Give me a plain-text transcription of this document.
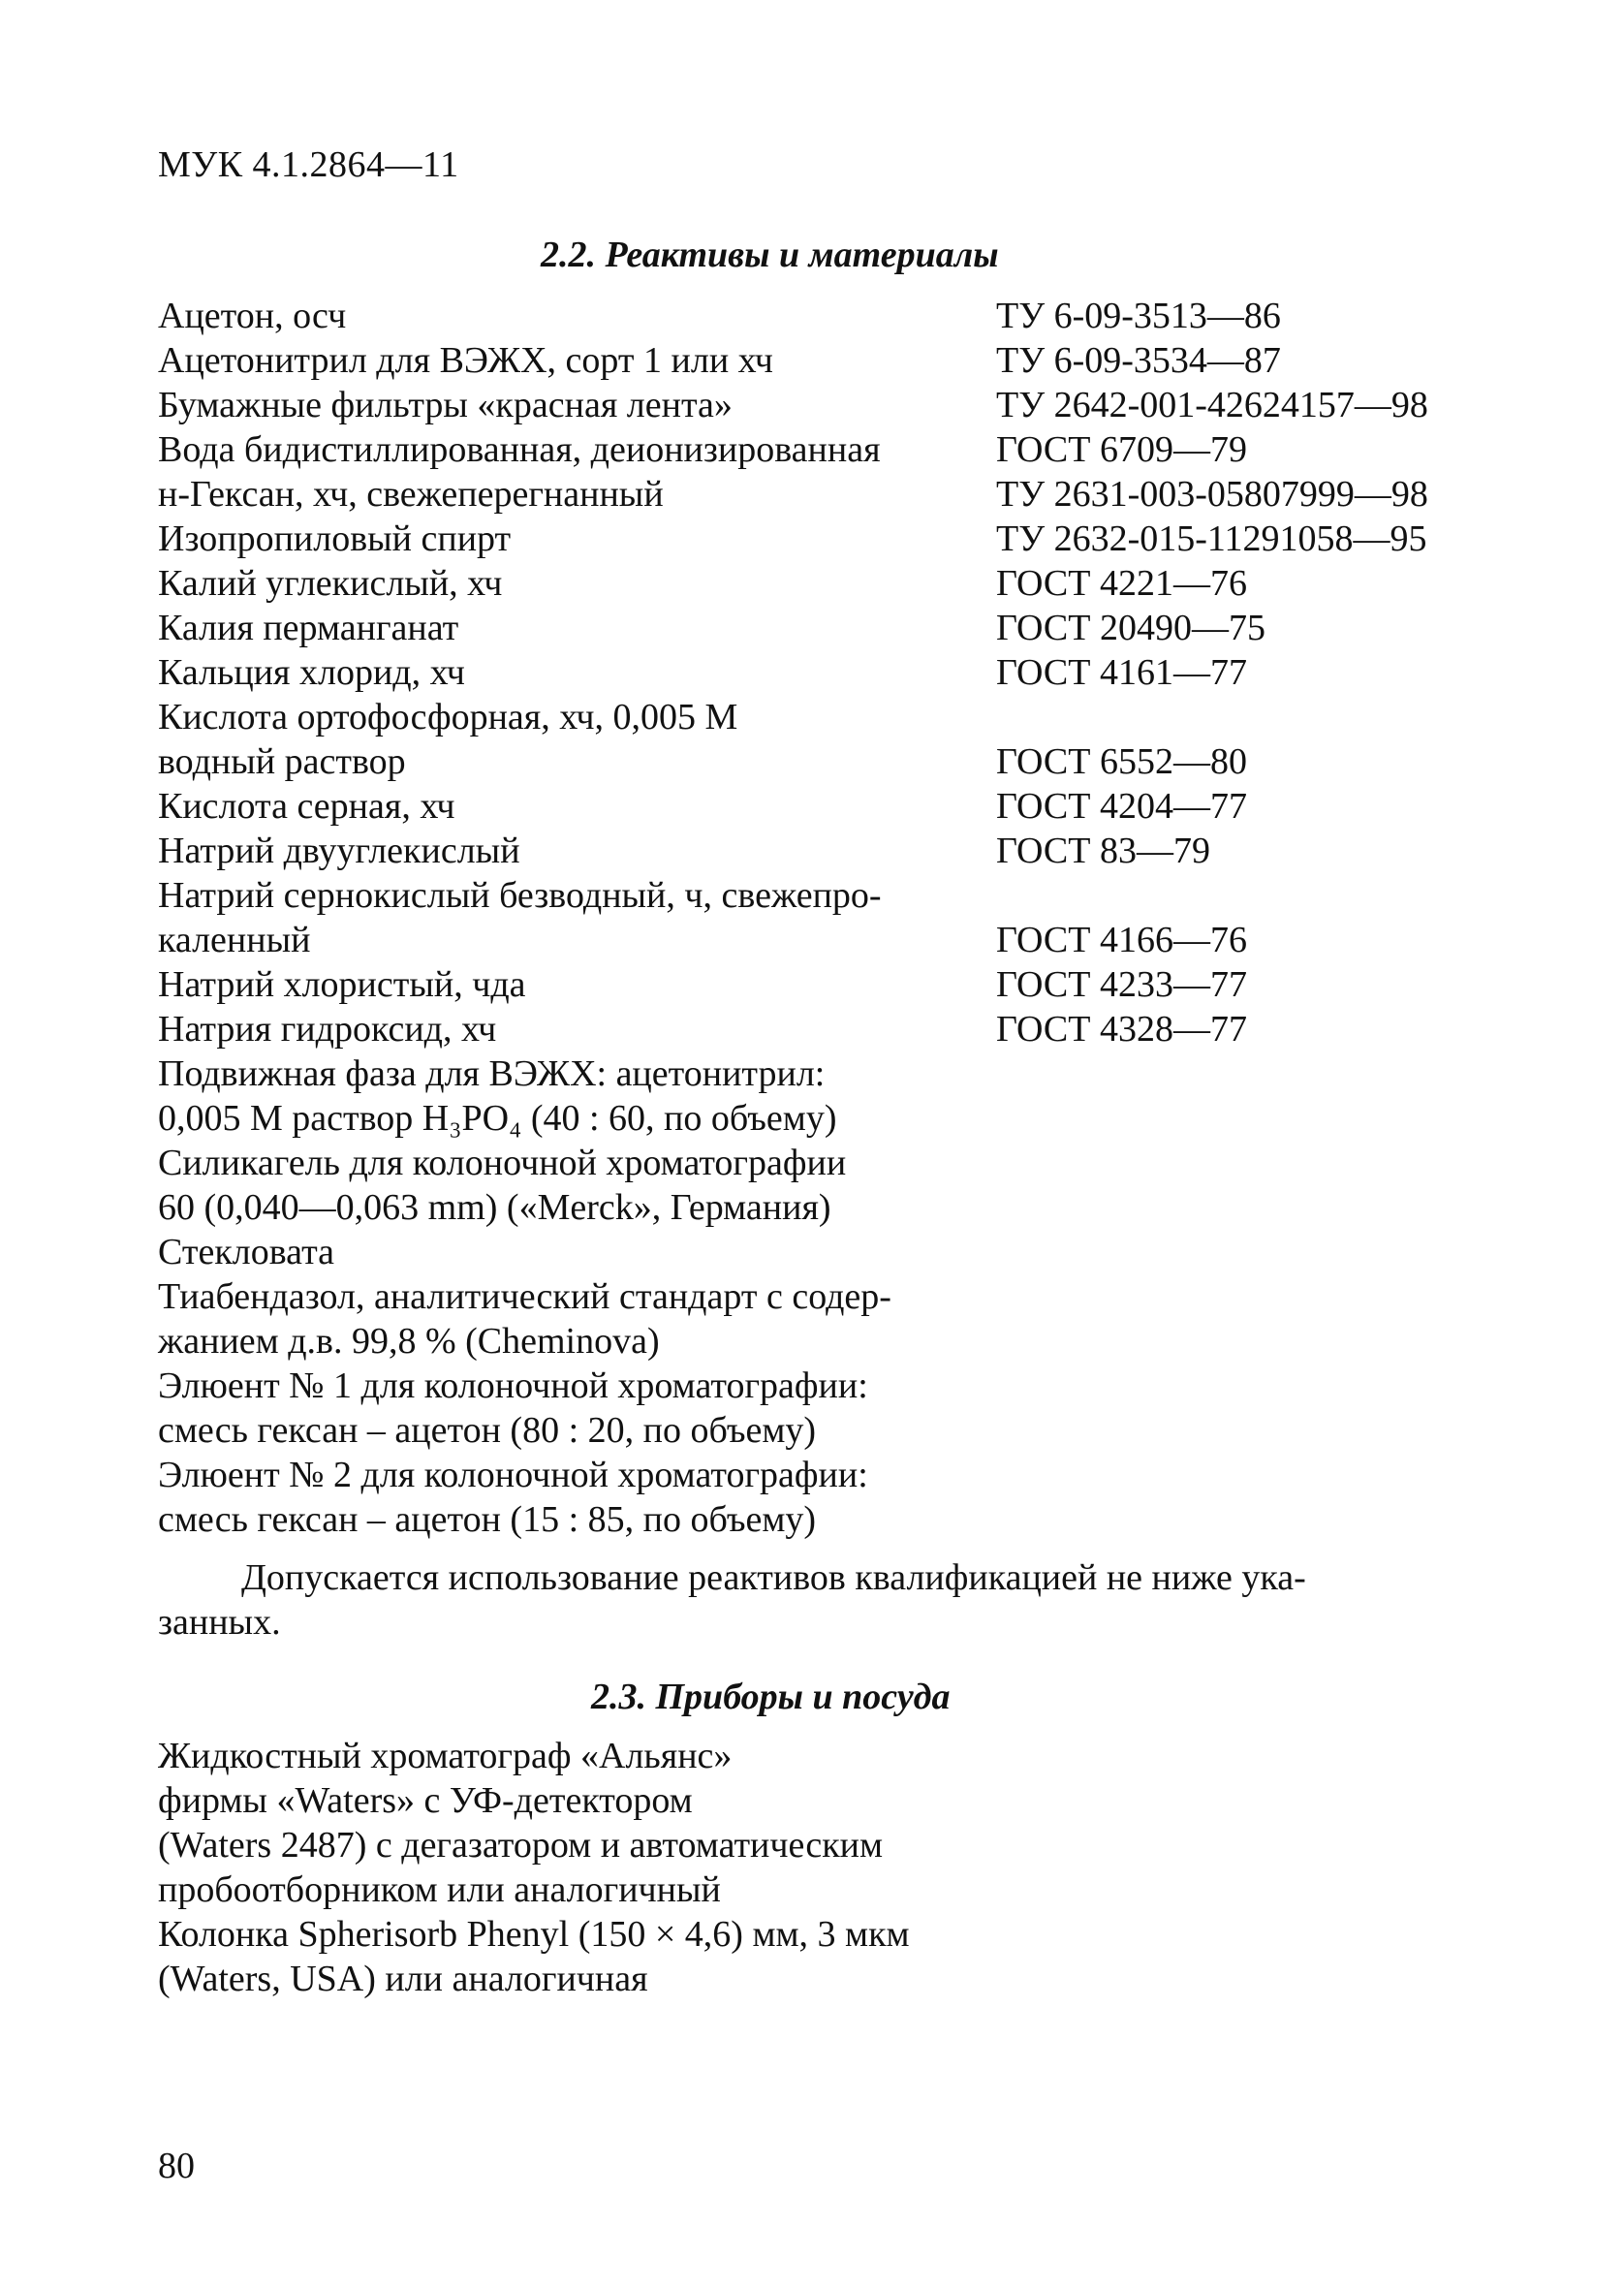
МУК 4.1.2864—11
2.2. Реактивы и материалы
Ацетон, осч	ТУ 6-09-3513—86
Ацетонитрил для ВЭЖХ, сорт 1 или хч	ТУ 6-09-3534—87
Бумажные фильтры «красная лента»	ТУ 2642-001-42624157—98
Вода бидистиллированная, деионизированная	ГОСТ 6709—79
н-Гексан, хч, свежеперегнанный	ТУ 2631-003-05807999—98
Изопропиловый спирт	ТУ 2632-015-11291058—95
Калий углекислый, хч	ГОСТ 4221—76
Калия перманганат	ГОСТ 20490—75
Кальция хлорид, хч	ГОСТ 4161—77
Кислота ортофосфорная, хч, 0,005 М
водный раствор	ГОСТ 6552—80
Кислота серная, хч	ГОСТ 4204—77
Натрий двууглекислый	ГОСТ 83—79
Натрий сернокислый безводный, ч, свежепро-
каленный	ГОСТ 4166—76
Натрий хлористый, чда	ГОСТ 4233—77
Натрия гидроксид, хч	ГОСТ 4328—77
Подвижная фаза для ВЭЖХ: ацетонитрил:
0,005 М раствор H₃PO₄ (40 : 60, по объему)
Силикагель для колоночной хроматографии
60 (0,040—0,063 mm) («Merck», Германия)
Стекловата
Тиабендазол, аналитический стандарт с содер-
жанием д.в. 99,8 % (Cheminova)
Элюент № 1 для колоночной хроматографии:
смесь гексан – ацетон (80 : 20, по объему)
Элюент № 2 для колоночной хроматографии:
смесь гексан – ацетон (15 : 85, по объему)
Допускается использование реактивов квалификацией не ниже ука-
занных.
2.3. Приборы и посуда
Жидкостный хроматограф «Альянс»
фирмы «Waters» с УФ-детектором
(Waters 2487) с дегазатором и автоматическим
пробоотборником или аналогичный
Колонка Spherisorb Phenyl (150 × 4,6) мм, 3 мкм
(Waters, USA) или аналогичная
80
